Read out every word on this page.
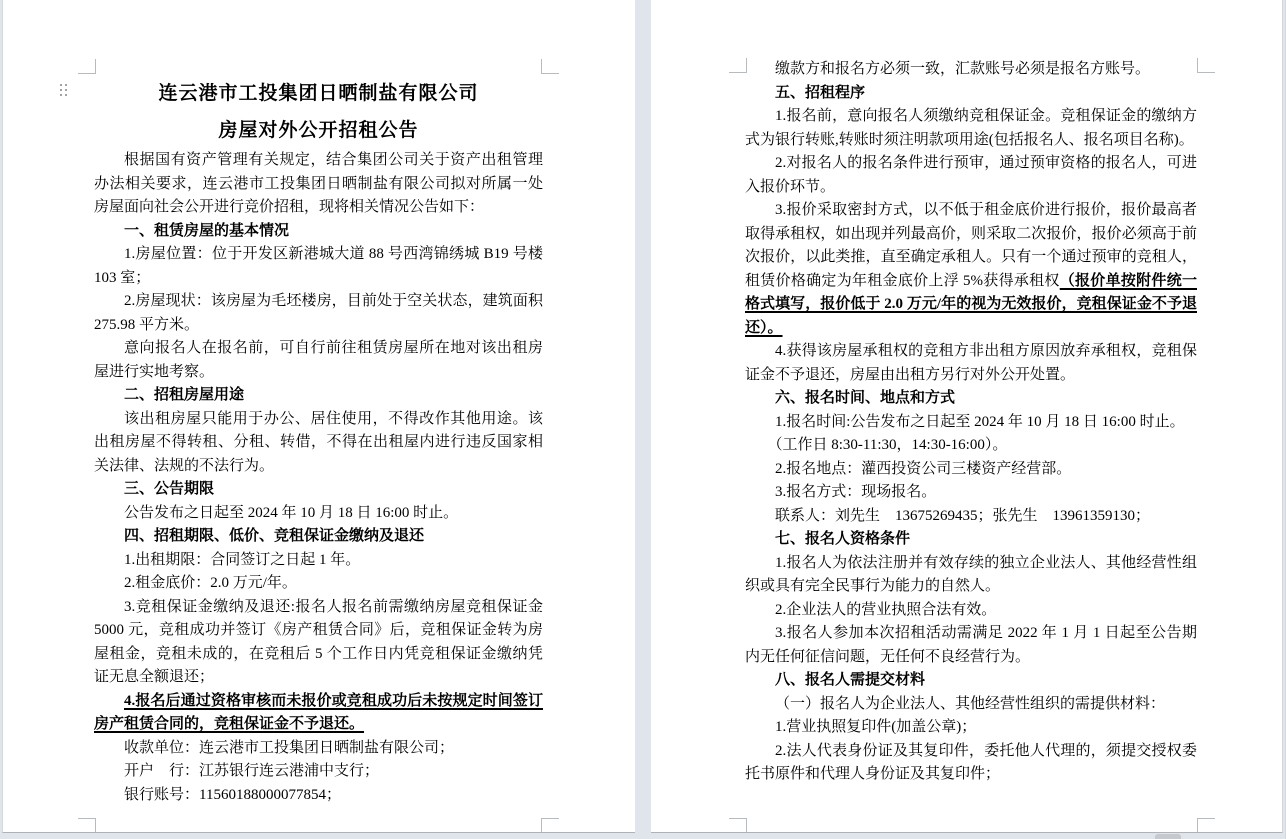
连云港市工投集团日晒制盐有限公司

房屋对外公开招租公告

根据国有资产管理有关规定，结合集团公司关于资产出租管理办法相关要求，连云港市工投集团日晒制盐有限公司拟对所属一处房屋面向社会公开进行竞价招租，现将相关情况公告如下：

一、租赁房屋的基本情况

1.房屋位置：位于开发区新港城大道 88 号西湾锦绣城 B19 号楼 103 室；

2.房屋现状：该房屋为毛坯楼房，目前处于空关状态，建筑面积 275.98 平方米。

意向报名人在报名前，可自行前往租赁房屋所在地对该出租房屋进行实地考察。

二、招租房屋用途

该出租房屋只能用于办公、居住使用，不得改作其他用途。该出租房屋不得转租、分租、转借，不得在出租屋内进行违反国家相关法律、法规的不法行为。

三、公告期限

公告发布之日起至 2024 年 10 月 18 日 16:00 时止。

四、招租期限、低价、竞租保证金缴纳及退还

1.出租期限：合同签订之日起 1 年。

2.租金底价：2.0 万元/年。

3.竞租保证金缴纳及退还:报名人报名前需缴纳房屋竞租保证金 5000 元，竞租成功并签订《房产租赁合同》后，竞租保证金转为房屋租金，竞租未成的，在竞租后 5 个工作日内凭竞租保证金缴纳凭证无息全额退还；

4.报名后通过资格审核而未报价或竞租成功后未按规定时间签订房产租赁合同的，竞租保证金不予退还。

收款单位：连云港市工投集团日晒制盐有限公司；

开户　行：江苏银行连云港浦中支行；

银行账号：11560188000077854；

缴款方和报名方必须一致，汇款账号必须是报名方账号。

五、招租程序

1.报名前，意向报名人须缴纳竞租保证金。竞租保证金的缴纳方式为银行转账,转账时须注明款项用途(包括报名人、报名项目名称)。

2.对报名人的报名条件进行预审，通过预审资格的报名人，可进入报价环节。

3.报价采取密封方式，以不低于租金底价进行报价，报价最高者取得承租权，如出现并列最高价，则采取二次报价，报价必须高于前次报价，以此类推，直至确定承租人。只有一个通过预审的竞租人，租赁价格确定为年租金底价上浮 5%获得承租权（报价单按附件统一格式填写，报价低于 2.0 万元/年的视为无效报价，竞租保证金不予退还）。

4.获得该房屋承租权的竞租方非出租方原因放弃承租权，竞租保证金不予退还，房屋由出租方另行对外公开处置。

六、报名时间、地点和方式

1.报名时间:公告发布之日起至 2024 年 10 月 18 日 16:00 时止。

（工作日 8:30-11:30，14:30-16:00）。

2.报名地点：灌西投资公司三楼资产经营部。

3.报名方式：现场报名。

联系人：刘先生　13675269435；张先生　13961359130；

七、报名人资格条件

1.报名人为依法注册并有效存续的独立企业法人、其他经营性组织或具有完全民事行为能力的自然人。

2.企业法人的营业执照合法有效。

3.报名人参加本次招租活动需满足 2022 年 1 月 1 日起至公告期内无任何征信问题，无任何不良经营行为。

八、报名人需提交材料

（一）报名人为企业法人、其他经营性组织的需提供材料：

1.营业执照复印件(加盖公章)；

2.法人代表身份证及其复印件，委托他人代理的，须提交授权委托书原件和代理人身份证及其复印件；
